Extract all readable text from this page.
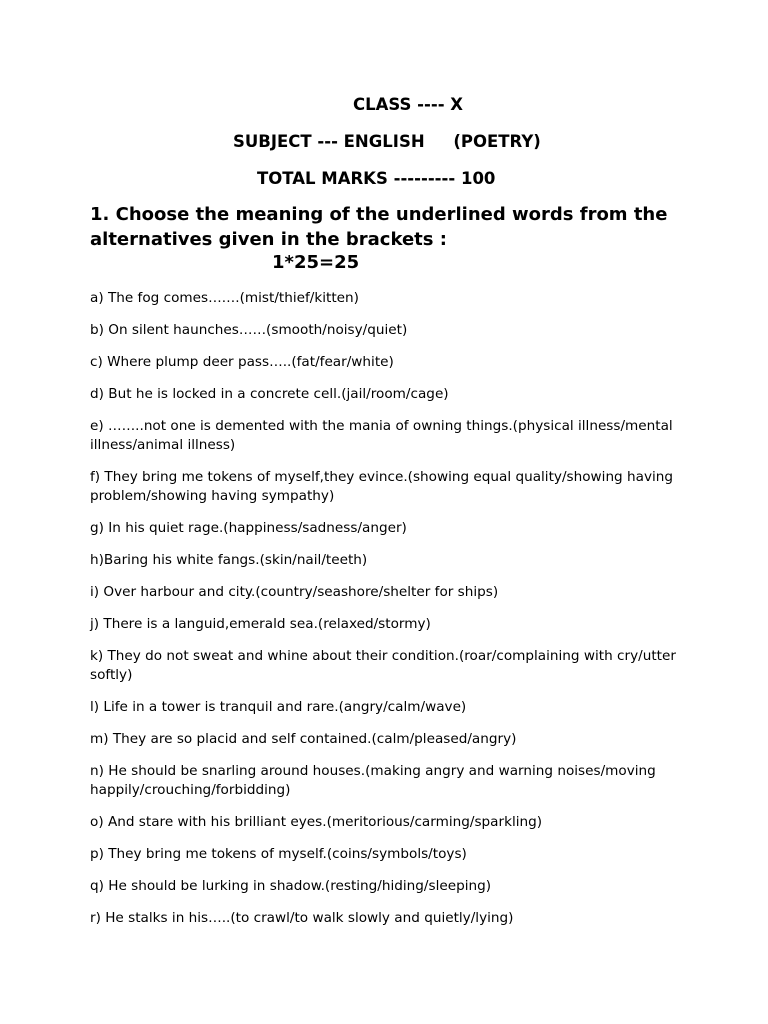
CLASS ---- X
SUBJECT --- ENGLISH     (POETRY)
TOTAL MARKS --------- 100
1. Choose the meaning of the underlined words from the alternatives given in the brackets :
1*25=25
a) The fog comes…….(mist/thief/kitten)
b) On silent haunches……(smooth/noisy/quiet)
c) Where plump deer pass…..(fat/fear/white)
d) But he is locked in a concrete cell.(jail/room/cage)
e) ……..not one is demented with the mania of owning things.(physical illness/mental illness/animal illness)
f) They bring me tokens of myself,they evince.(showing equal quality/showing having problem/showing having sympathy)
g) In his quiet rage.(happiness/sadness/anger)
h)Baring his white fangs.(skin/nail/teeth)
i) Over harbour and city.(country/seashore/shelter for ships)
j) There is a languid,emerald sea.(relaxed/stormy)
k) They do not sweat and whine about their condition.(roar/complaining with cry/utter softly)
l) Life in a tower is tranquil and rare.(angry/calm/wave)
m) They are so placid and self contained.(calm/pleased/angry)
n) He should be snarling around houses.(making angry and warning noises/moving happily/crouching/forbidding)
o) And stare with his brilliant eyes.(meritorious/carming/sparkling)
p) They bring me tokens of myself.(coins/symbols/toys)
q) He should be lurking in shadow.(resting/hiding/sleeping)
r) He stalks in his…..(to crawl/to walk slowly and quietly/lying)
